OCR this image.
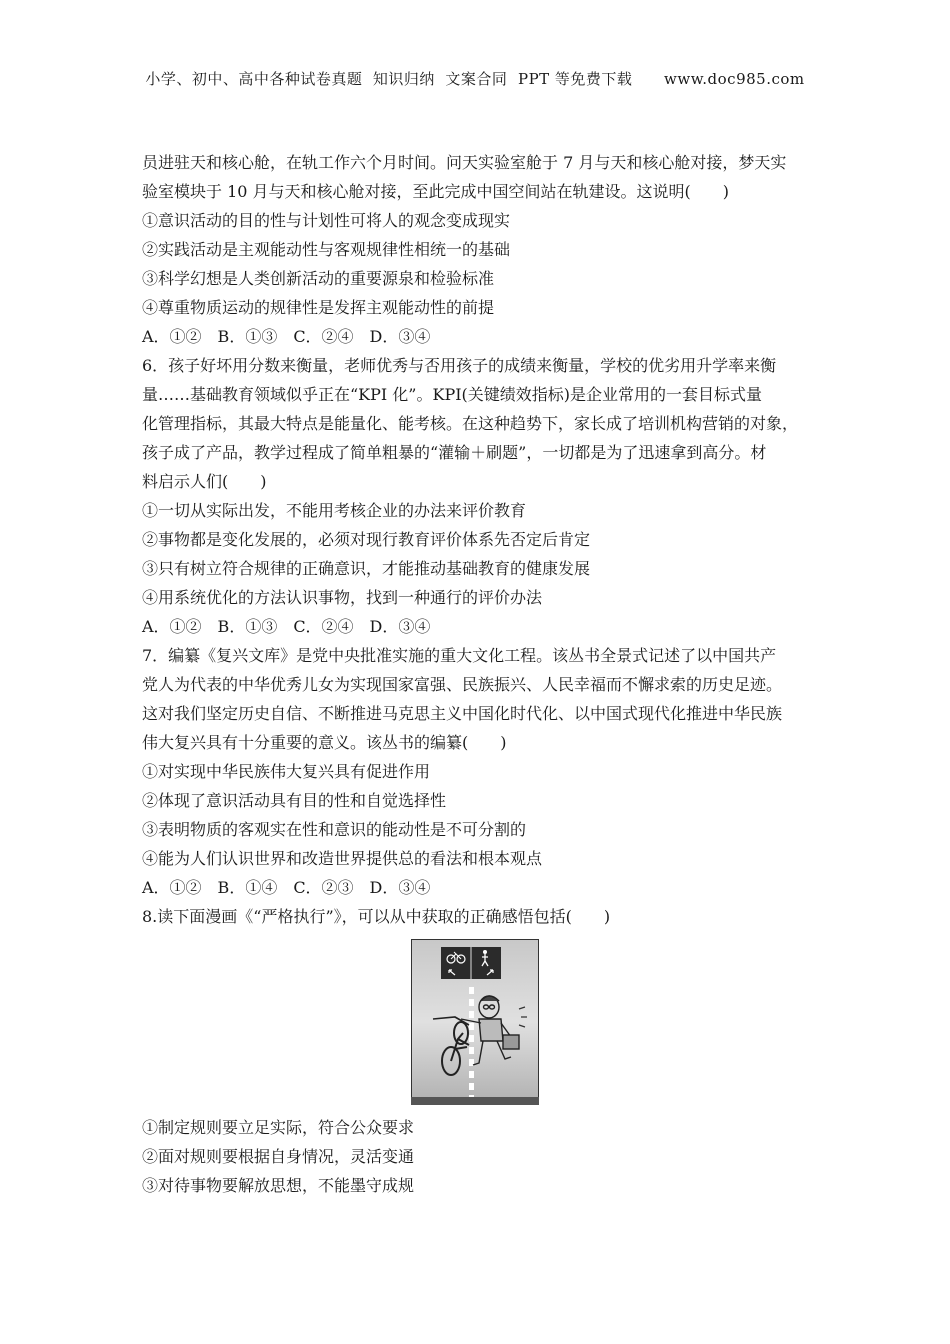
小学、初中、高中各种试卷真题  知识归纳  文案合同  PPT 等免费下载      www.doc985.com
员进驻天和核心舱，在轨工作六个月时间。问天实验室舱于 7 月与天和核心舱对接，梦天实
验室模块于 10 月与天和核心舱对接，至此完成中国空间站在轨建设。这说明(　　)
①意识活动的目的性与计划性可将人的观念变成现实
②实践活动是主观能动性与客观规律性相统一的基础
③科学幻想是人类创新活动的重要源泉和检验标准
④尊重物质运动的规律性是发挥主观能动性的前提
A．①②　B．①③　C．②④　D．③④
6．孩子好坏用分数来衡量，老师优秀与否用孩子的成绩来衡量，学校的优劣用升学率来衡
量……基础教育领域似乎正在“KPI 化”。KPI(关键绩效指标)是企业常用的一套目标式量
化管理指标，其最大特点是能量化、能考核。在这种趋势下，家长成了培训机构营销的对象，
孩子成了产品，教学过程成了简单粗暴的“灌输＋刷题”，一切都是为了迅速拿到高分。材
料启示人们(　　)
①一切从实际出发，不能用考核企业的办法来评价教育
②事物都是变化发展的，必须对现行教育评价体系先否定后肯定
③只有树立符合规律的正确意识，才能推动基础教育的健康发展
④用系统优化的方法认识事物，找到一种通行的评价办法
A．①②　B．①③　C．②④　D．③④
7．编纂《复兴文库》是党中央批准实施的重大文化工程。该丛书全景式记述了以中国共产
党人为代表的中华优秀儿女为实现国家富强、民族振兴、人民幸福而不懈求索的历史足迹。
这对我们坚定历史自信、不断推进马克思主义中国化时代化、以中国式现代化推进中华民族
伟大复兴具有十分重要的意义。该丛书的编纂(　　)
①对实现中华民族伟大复兴具有促进作用
②体现了意识活动具有目的性和自觉选择性
③表明物质的客观实在性和意识的能动性是不可分割的
④能为人们认识世界和改造世界提供总的看法和根本观点
A．①②　B．①④　C．②③　D．③④
8.读下面漫画《“严格执行”》，可以从中获取的正确感悟包括(　　)
①制定规则要立足实际，符合公众要求
②面对规则要根据自身情况，灵活变通
③对待事物要解放思想，不能墨守成规
